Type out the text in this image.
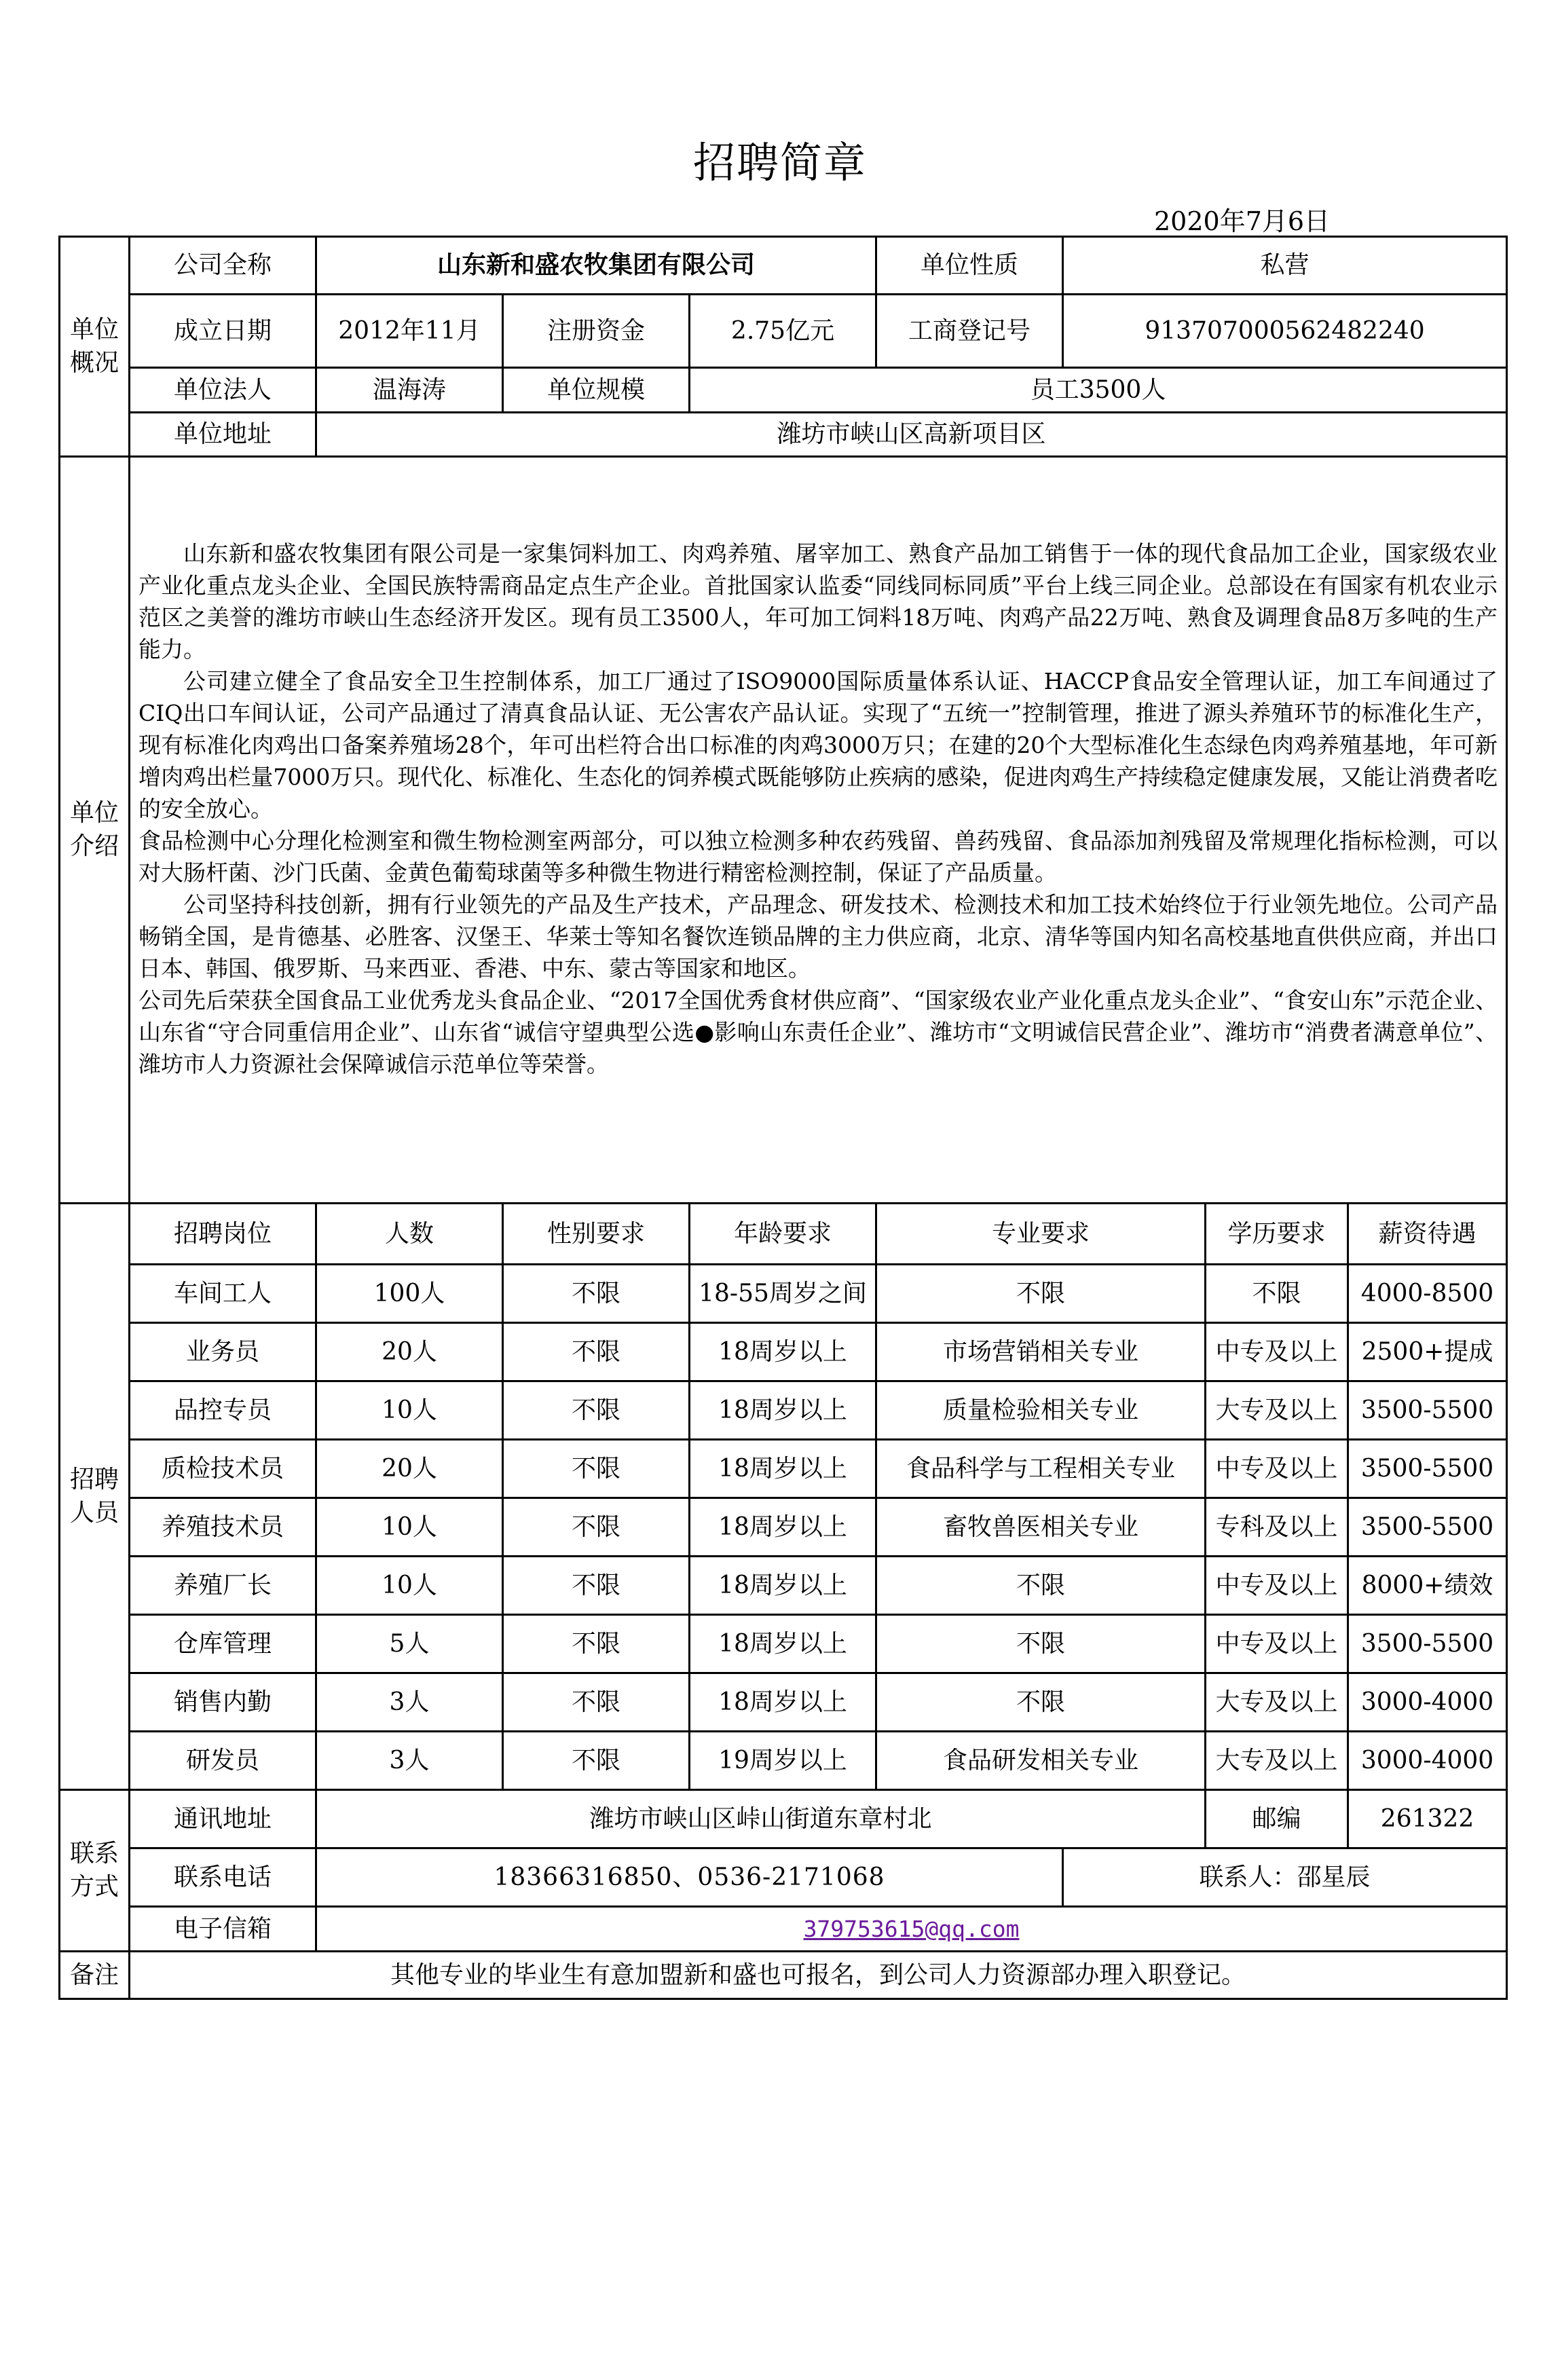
招聘简章
2020年7月6日
单位概况	公司全称	山东新和盛农牧集团有限公司			单位性质	私营		
	成立日期	2012年11月	注册资金	2.75亿元	工商登记号	913707000562482240		
	单位法人	温海涛	单位规模	员工3500人				
	单位地址	潍坊市峡山区高新项目区						
单位介绍	山东新和盛农牧集团有限公司是一家集饲料加工、肉鸡养殖、屠宰加工、熟食产品加工销售于一体的现代食品加工企业，国家级农业产业化重点龙头企业、全国民族特需商品定点生产企业。首批国家认监委“同线同标同质”平台上线三同企业。总部设在有国家有机农业示范区之美誉的潍坊市峡山生态经济开发区。现有员工3500人，年可加工饲料18万吨、肉鸡产品22万吨、熟食及调理食品8万多吨的生产能力。

公司建立健全了食品安全卫生控制体系，加工厂通过了ISO9000国际质量体系认证、HACCP食品安全管理认证，加工车间通过了CIQ出口车间认证，公司产品通过了清真食品认证、无公害农产品认证。实现了“五统一”控制管理，推进了源头养殖环节的标准化生产，现有标准化肉鸡出口备案养殖场28个，年可出栏符合出口标准的肉鸡3000万只；在建的20个大型标准化生态绿色肉鸡养殖基地，年可新增肉鸡出栏量7000万只。现代化、标准化、生态化的饲养模式既能够防止疾病的感染，促进肉鸡生产持续稳定健康发展，又能让消费者吃的安全放心。

食品检测中心分理化检测室和微生物检测室两部分，可以独立检测多种农药残留、兽药残留、食品添加剂残留及常规理化指标检测，可以对大肠杆菌、沙门氏菌、金黄色葡萄球菌等多种微生物进行精密检测控制，保证了产品质量。

公司坚持科技创新，拥有行业领先的产品及生产技术，产品理念、研发技术、检测技术和加工技术始终位于行业领先地位。公司产品畅销全国，是肯德基、必胜客、汉堡王、华莱士等知名餐饮连锁品牌的主力供应商，北京、清华等国内知名高校基地直供供应商，并出口日本、韩国、俄罗斯、马来西亚、香港、中东、蒙古等国家和地区。

公司先后荣获全国食品工业优秀龙头食品企业、“2017全国优秀食材供应商”、“国家级农业产业化重点龙头企业”、“食安山东”示范企业、山东省“守合同重信用企业”、山东省“诚信守望典型公选●影响山东责任企业”、潍坊市“文明诚信民营企业”、潍坊市“消费者满意单位”、潍坊市人力资源社会保障诚信示范单位等荣誉。							

招聘人员	招聘岗位	人数	性别要求	年龄要求	专业要求		学历要求	薪资待遇
	车间工人	100人	不限	18-55周岁之间	不限		不限	4000-8500
	业务员	20人	不限	18周岁以上	市场营销相关专业		中专及以上	2500+提成
	品控专员	10人	不限	18周岁以上	质量检验相关专业		大专及以上	3500-5500
	质检技术员	20人	不限	18周岁以上	食品科学与工程相关专业		中专及以上	3500-5500
	养殖技术员	10人	不限	18周岁以上	畜牧兽医相关专业		专科及以上	3500-5500
	养殖厂长	10人	不限	18周岁以上	不限		中专及以上	8000+绩效
	仓库管理	5人	不限	18周岁以上	不限		中专及以上	3500-5500
	销售内勤	3人	不限	18周岁以上	不限		大专及以上	3000-4000
	研发员	3人	不限	19周岁以上	食品研发相关专业		大专及以上	3000-4000
联系方式	通讯地址	潍坊市峡山区峠山街道东章村北					邮编	261322
	联系电话	18366316850、0536-2171068				联系人：邵星辰		
	电子信箱	379753615@qq.com						
备注	其他专业的毕业生有意加盟新和盛也可报名，到公司人力资源部办理入职登记。							
